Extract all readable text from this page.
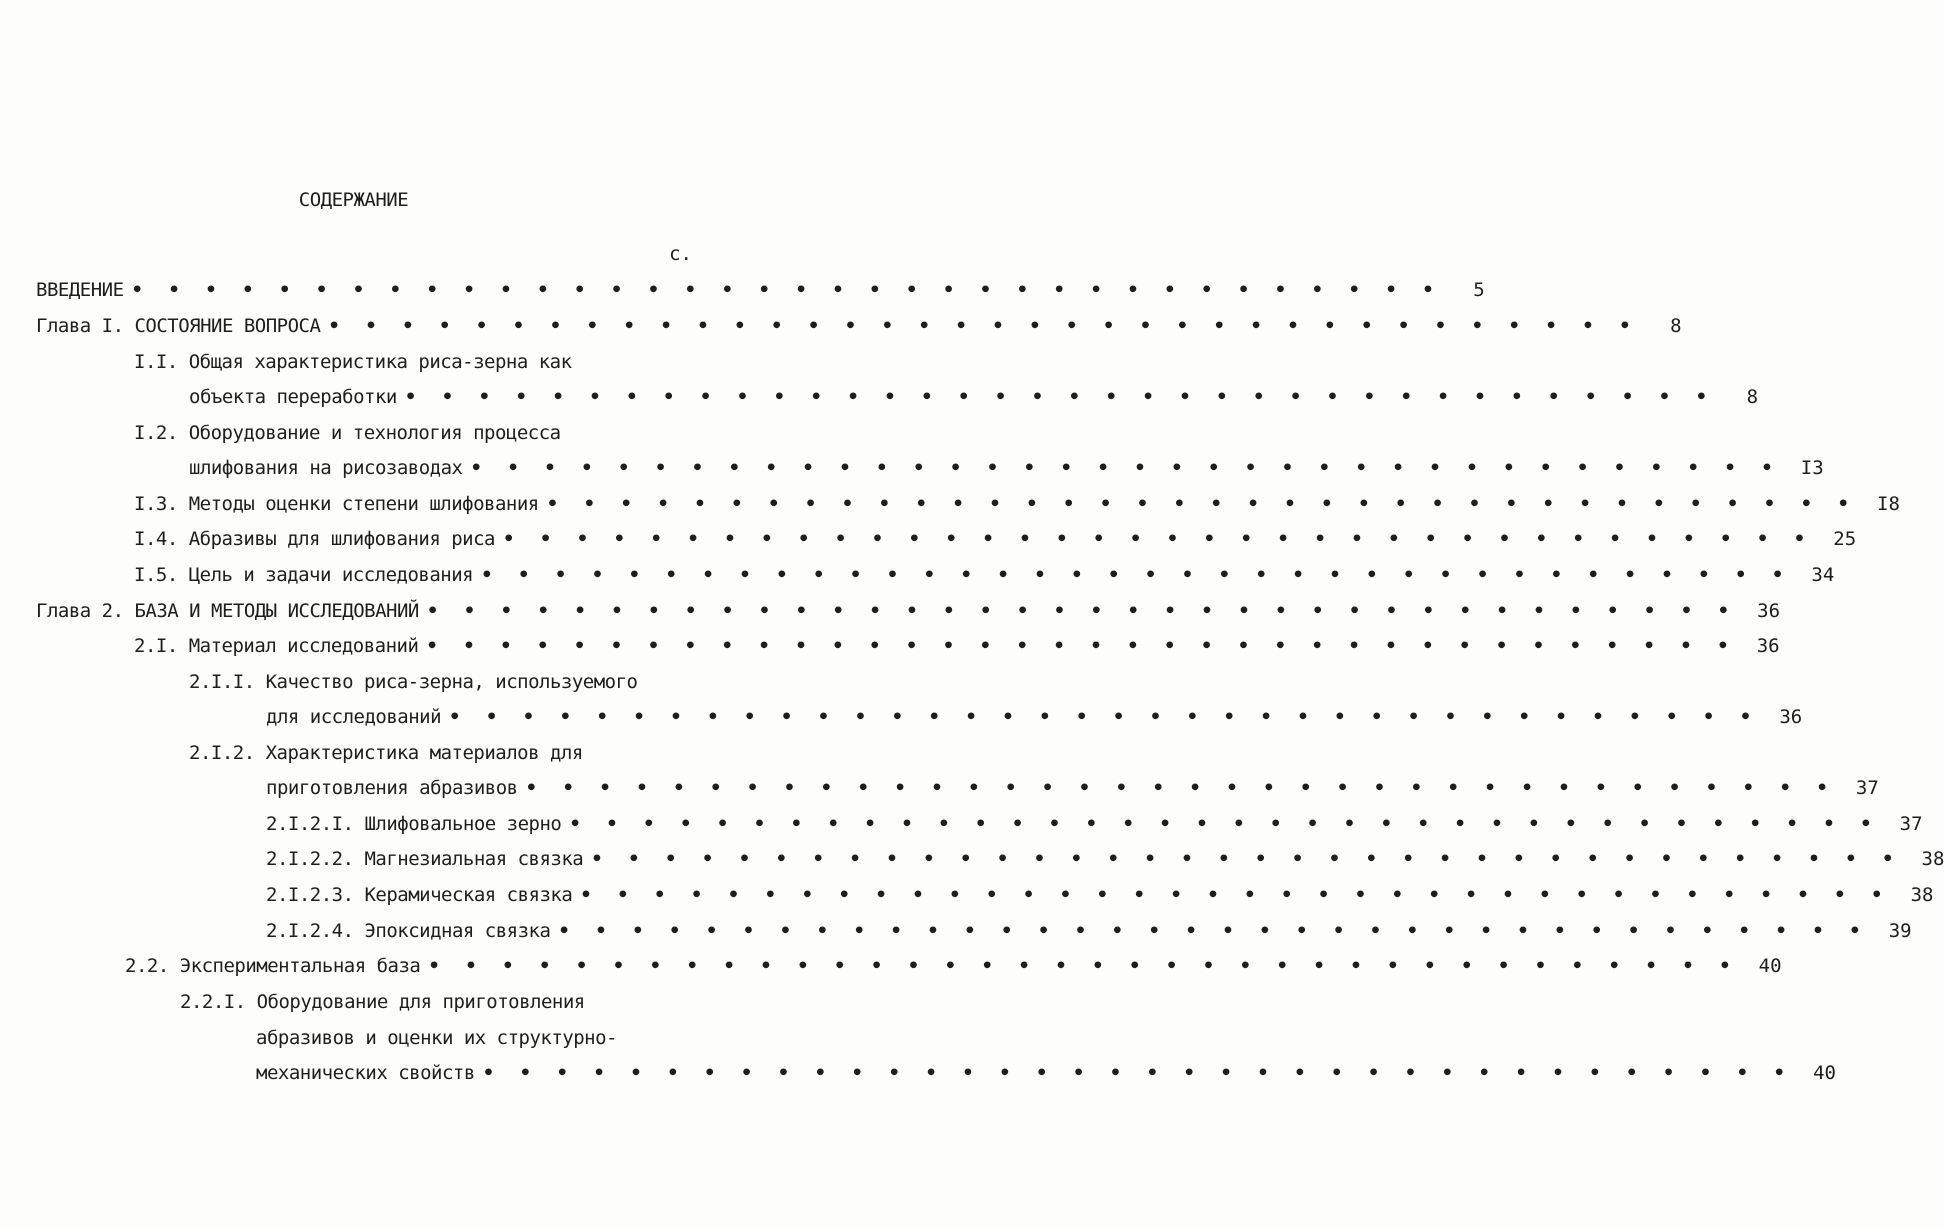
СОДЕРЖАНИЕ
с.
ВВЕДЕНИЕ • • • • • • • • • • • • • • • • • • • • • • • • • • • • • • • • • • • •	5
Глава I. СОСТОЯНИЕ ВОПРОСА • • • • • • • • • • • • • • • • • • • • • • • • • • • • • • • • • • • •	8
I.I. Общая характеристика риса-зерна как
объекта переработки • • • • • • • • • • • • • • • • • • • • • • • • • • • • • • • • • • • •	8
I.2. Оборудование и технология процесса
шлифования на рисозаводах • • • • • • • • • • • • • • • • • • • • • • • • • • • • • • • • • • • •	I3
I.3. Методы оценки степени шлифования • • • • • • • • • • • • • • • • • • • • • • • • • • • • • • • • • • • •	I8
I.4. Абразивы для шлифования риса • • • • • • • • • • • • • • • • • • • • • • • • • • • • • • • • • • • •	25
I.5. Цель и задачи исследования • • • • • • • • • • • • • • • • • • • • • • • • • • • • • • • • • • • •	34
Глава 2. БАЗА И МЕТОДЫ ИССЛЕДОВАНИЙ • • • • • • • • • • • • • • • • • • • • • • • • • • • • • • • • • • • •	36
2.I. Материал исследований • • • • • • • • • • • • • • • • • • • • • • • • • • • • • • • • • • • •	36
2.I.I. Качество риса-зерна, используемого
для исследований • • • • • • • • • • • • • • • • • • • • • • • • • • • • • • • • • • • •	36
2.I.2. Характеристика материалов для
приготовления абразивов • • • • • • • • • • • • • • • • • • • • • • • • • • • • • • • • • • • •	37
2.I.2.I. Шлифовальное зерно • • • • • • • • • • • • • • • • • • • • • • • • • • • • • • • • • • • •	37
2.I.2.2. Магнезиальная связка • • • • • • • • • • • • • • • • • • • • • • • • • • • • • • • • • • • •	38
2.I.2.3. Керамическая связка • • • • • • • • • • • • • • • • • • • • • • • • • • • • • • • • • • • •	38
2.I.2.4. Эпоксидная связка • • • • • • • • • • • • • • • • • • • • • • • • • • • • • • • • • • • •	39
2.2. Экспериментальная база • • • • • • • • • • • • • • • • • • • • • • • • • • • • • • • • • • • •	40
2.2.I. Оборудование для приготовления
абразивов и оценки их структурно-
механических свойств • • • • • • • • • • • • • • • • • • • • • • • • • • • • • • • • • • • •	40
